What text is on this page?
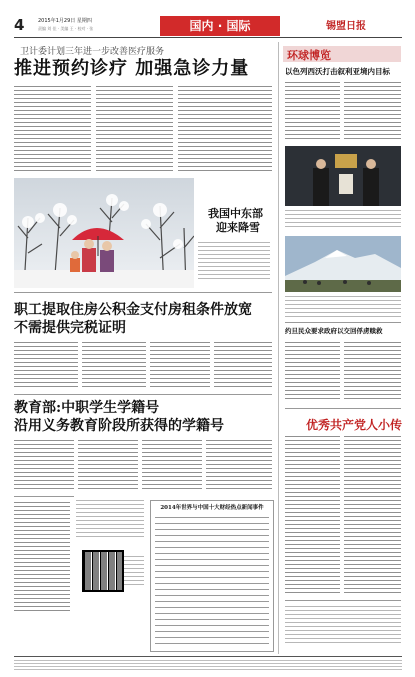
4	2015年1月29日 星期四
责编 刘 佳 · 美编 王 · 校对 · 张	国内 · 国际	锡盟日报
卫计委计划三年进一步改善医疗服务
推进预约诊疗 加强急诊力量
我国中东部
迎来降雪
职工提取住房公积金支付房租条件放宽
不需提供完税证明
教育部:中职学生学籍号
沿用义务教育阶段所获得的学籍号
2014年世界与中国十大财经热点新闻事件
环球博览
以色列西沃打击叙利亚境内目标
约旦民众要求政府以交回俘虏赎救
优秀共产党人小传
